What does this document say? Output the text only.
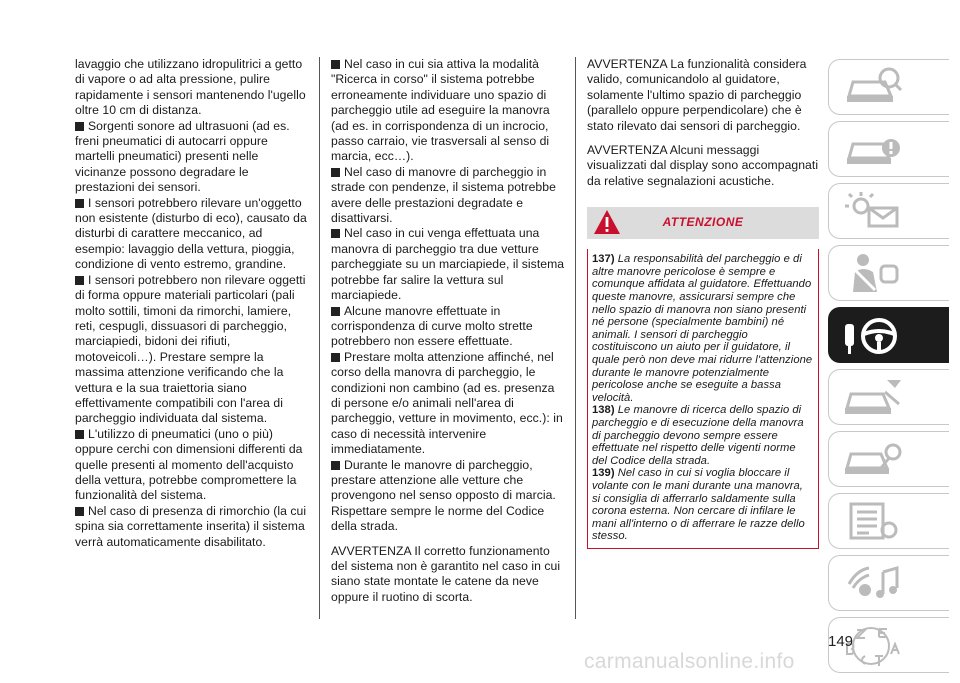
lavaggio che utilizzano idropulitrici a getto di vapore o ad alta pressione, pulire rapidamente i sensori mantenendo l'ugello oltre 10 cm di distanza.

Sorgenti sonore ad ultrasuoni (ad es. freni pneumatici di autocarri oppure martelli pneumatici) presenti nelle vicinanze possono degradare le prestazioni dei sensori.

I sensori potrebbero rilevare un'oggetto non esistente (disturbo di eco), causato da disturbi di carattere meccanico, ad esempio: lavaggio della vettura, pioggia, condizione di vento estremo, grandine.

I sensori potrebbero non rilevare oggetti di forma oppure materiali particolari (pali molto sottili, timoni da rimorchi, lamiere, reti, cespugli, dissuasori di parcheggio, marciapiedi, bidoni dei rifiuti, motoveicoli…). Prestare sempre la massima attenzione verificando che la vettura e la sua traiettoria siano effettivamente compatibili con l'area di parcheggio individuata dal sistema.

L'utilizzo di pneumatici (uno o più) oppure cerchi con dimensioni differenti da quelle presenti al momento dell'acquisto della vettura, potrebbe compromettere la funzionalità del sistema.

Nel caso di presenza di rimorchio (la cui spina sia correttamente inserita) il sistema verrà automaticamente disabilitato.

Nel caso in cui sia attiva la modalità "Ricerca in corso" il sistema potrebbe erroneamente individuare uno spazio di parcheggio utile ad eseguire la manovra (ad es. in corrispondenza di un incrocio, passo carraio, vie trasversali al senso di marcia, ecc…).

Nel caso di manovre di parcheggio in strade con pendenze, il sistema potrebbe avere delle prestazioni degradate e disattivarsi.

Nel caso in cui venga effettuata una manovra di parcheggio tra due vetture parcheggiate su un marciapiede, il sistema potrebbe far salire la vettura sul marciapiede.

Alcune manovre effettuate in corrispondenza di curve molto strette potrebbero non essere effettuate.

Prestare molta attenzione affinché, nel corso della manovra di parcheggio, le condizioni non cambino (ad es. presenza di persone e/o animali nell'area di parcheggio, vetture in movimento, ecc.): in caso di necessità intervenire immediatamente.

Durante le manovre di parcheggio, prestare attenzione alle vetture che provengono nel senso opposto di marcia. Rispettare sempre le norme del Codice della strada.

AVVERTENZA Il corretto funzionamento del sistema non è garantito nel caso in cui siano state montate le catene da neve oppure il ruotino di scorta.

AVVERTENZA La funzionalità considera valido, comunicandolo al guidatore, solamente l'ultimo spazio di parcheggio (parallelo oppure perpendicolare) che è stato rilevato dai sensori di parcheggio.

AVVERTENZA Alcuni messaggi visualizzati dal display sono accompagnati da relative segnalazioni acustiche.

ATTENZIONE
137) La responsabilità del parcheggio e di altre manovre pericolose è sempre e comunque affidata al guidatore. Effettuando queste manovre, assicurarsi sempre che nello spazio di manovra non siano presenti né persone (specialmente bambini) né animali. I sensori di parcheggio costituiscono un aiuto per il guidatore, il quale però non deve mai ridurre l'attenzione durante le manovre potenzialmente pericolose anche se eseguite a bassa velocità.
138) Le manovre di ricerca dello spazio di parcheggio e di esecuzione della manovra di parcheggio devono sempre essere effettuate nel rispetto delle vigenti norme del Codice della strada.
139) Nel caso in cui si voglia bloccare il volante con le mani durante una manovra, si consiglia di afferrarlo saldamente sulla corona esterna. Non cercare di infilare le mani all'interno o di afferrare le razze dello stesso.
149
carmanualsonline.info
